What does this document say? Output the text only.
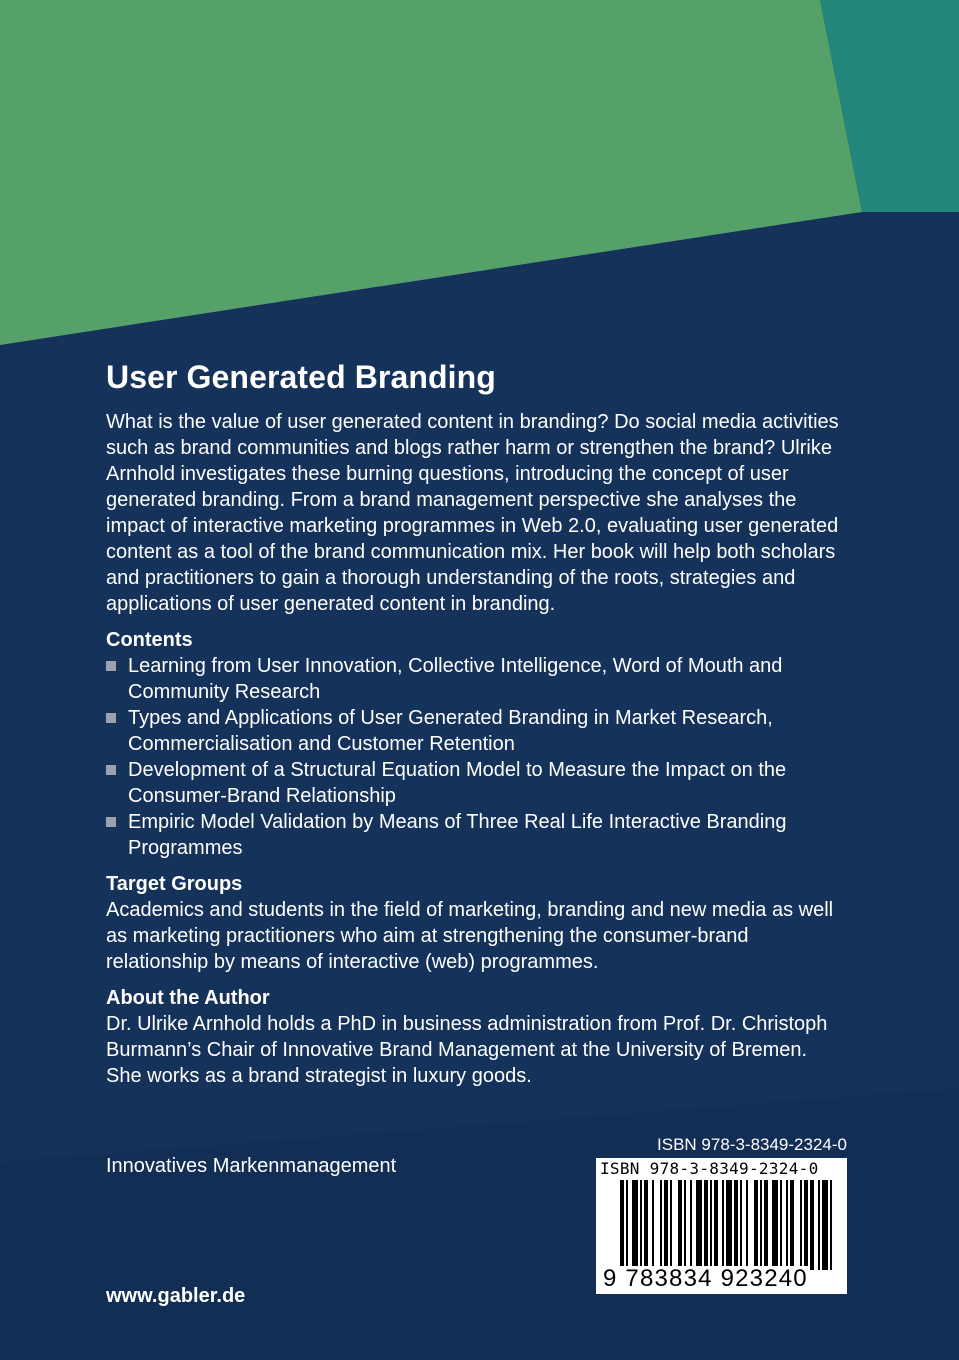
User Generated Branding

What is the value of user generated content in branding? Do social media activities such as brand communities and blogs rather harm or strengthen the brand? Ulrike Arnhold investigates these burning questions, introducing the concept of user generated branding. From a brand management perspective she analyses the impact of interactive marketing programmes in Web 2.0, evaluating user generated content as a tool of the brand communication mix. Her book will help both scholars and practitioners to gain a thorough understanding of the roots, strategies and applications of user generated content in branding.

Contents
Learning from User Innovation, Collective Intelligence, Word of Mouth and Community Research
Types and Applications of User Generated Branding in Market Research, Commercialisation and Customer Retention
Development of a Structural Equation Model to Measure the Impact on the Consumer-Brand Relationship
Empiric Model Validation by Means of Three Real Life Interactive Branding Programmes
Target Groups

Academics and students in the field of marketing, branding and new media as well as marketing practitioners who aim at strengthening the consumer-brand relationship by means of interactive (web) programmes.

About the Author

Dr. Ulrike Arnhold holds a PhD in business administration from Prof. Dr. Christoph Burmann’s Chair of Innovative Brand Management at the University of Bremen. She works as a brand strategist in luxury goods.

ISBN 978-3-8349-2324-0
Innovatives Markenmanagement	ISBN 978-3-8349-2324-0
9 783834 923240
www.gabler.de
